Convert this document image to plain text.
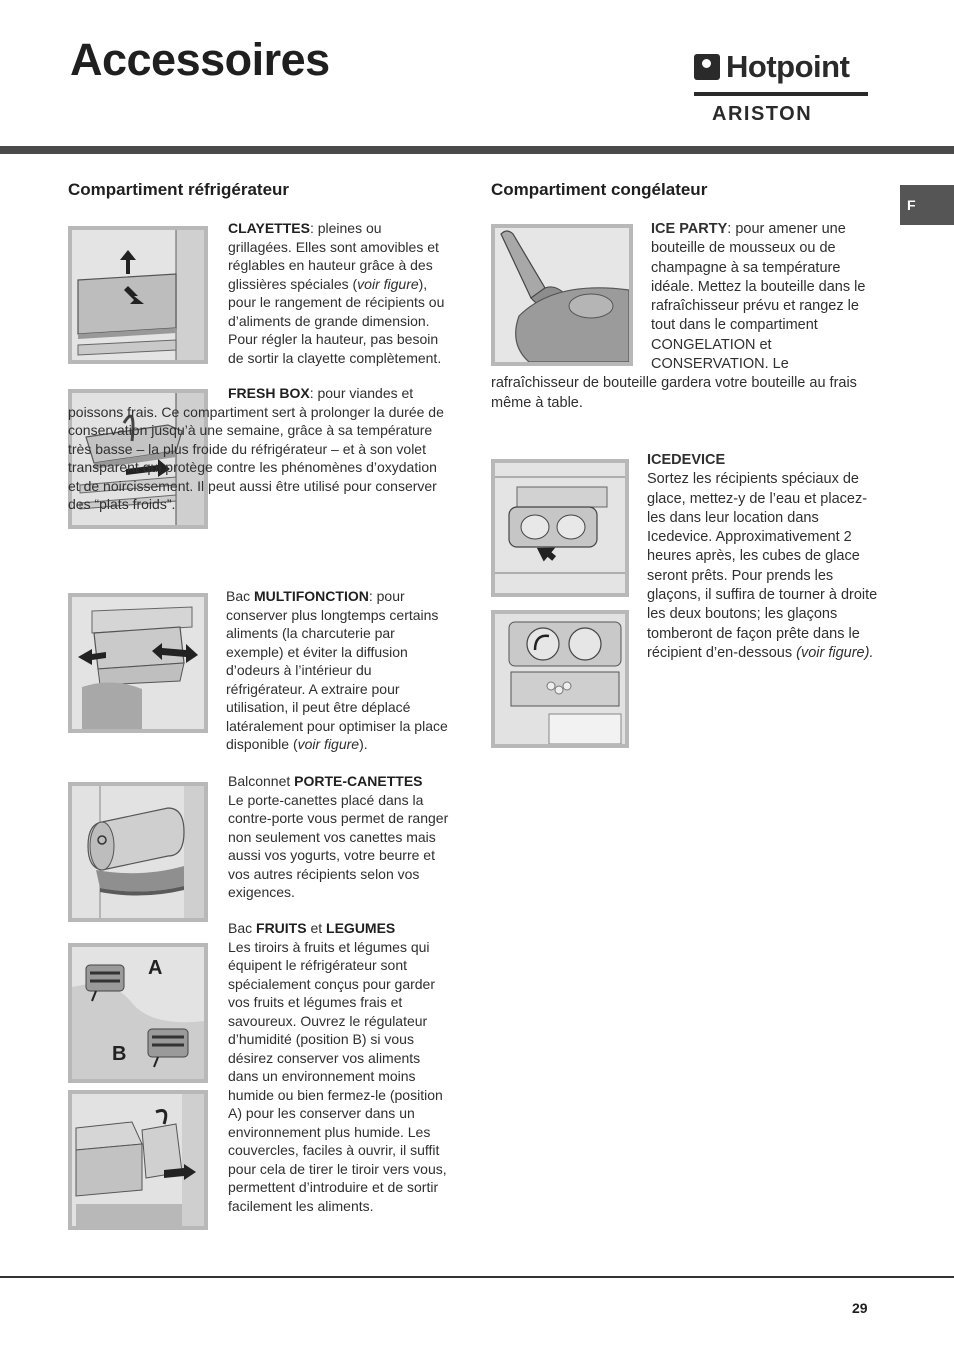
Accessoires	Hotpoint
ARISTON
F
Compartiment réfrigérateur
CLAYETTES: pleines ou grillagées. Elles sont amovibles et réglables en hauteur grâce à des glissières spéciales (voir figure), pour le rangement de récipients ou d’aliments de grande dimension. Pour régler la hauteur, pas besoin de sortir la clayette complètement.
FRESH BOX: pour viandes et poissons frais. Ce compartiment sert à prolonger la durée de conservation jusqu’à une semaine, grâce à sa température très basse – la plus froide du réfrigérateur – et à son volet transparent qui protège contre les phénomènes d’oxydation et de noircissement. Il peut aussi être utilisé pour conserver des “plats froids”.
Bac MULTIFONCTION: pour conserver plus longtemps certains aliments (la charcuterie par exemple) et éviter la diffusion d’odeurs à l’intérieur du réfrigérateur. A extraire pour utilisation, il peut être déplacé latéralement pour optimiser la place disponible (voir figure).
Balconnet PORTE-CANETTES
Le porte-canettes placé dans la contre-porte vous permet de ranger non seulement vos canettes mais aussi vos yogurts, votre beurre et vos autres récipients selon vos exigences.
A
B
Bac FRUITS et LEGUMES
Les tiroirs à fruits et légumes qui équipent le réfrigérateur sont spécialement conçus pour garder vos fruits et légumes frais et savoureux. Ouvrez le régulateur d’humidité (position B) si vous désirez conserver vos aliments dans un environnement moins humide ou bien fermez-le (position A) pour les conserver dans un environnement plus humide. Les couvercles, faciles à ouvrir, il suffit pour cela de tirer le tiroir vers vous, permettent d’introduire et de sortir facilement les aliments.
Compartiment congélateur
ICE PARTY: pour amener une bouteille de mousseux ou de champagne à sa température idéale. Mettez la bouteille dans le rafraîchisseur prévu et rangez le tout dans le compartiment CONGELATION et CONSERVATION. Le rafraîchisseur de bouteille gardera votre bouteille au frais même à table.
ICEDEVICE
Sortez les récipients spéciaux de glace, mettez-y de l’eau et placez-les dans leur location dans Icedevice. Approximativement 2 heures après, les cubes de glace seront prêts. Pour prends les glaçons, il suffira de tourner à droite les deux boutons; les glaçons tomberont de façon prête dans le récipient d’en-dessous (voir figure).
29
